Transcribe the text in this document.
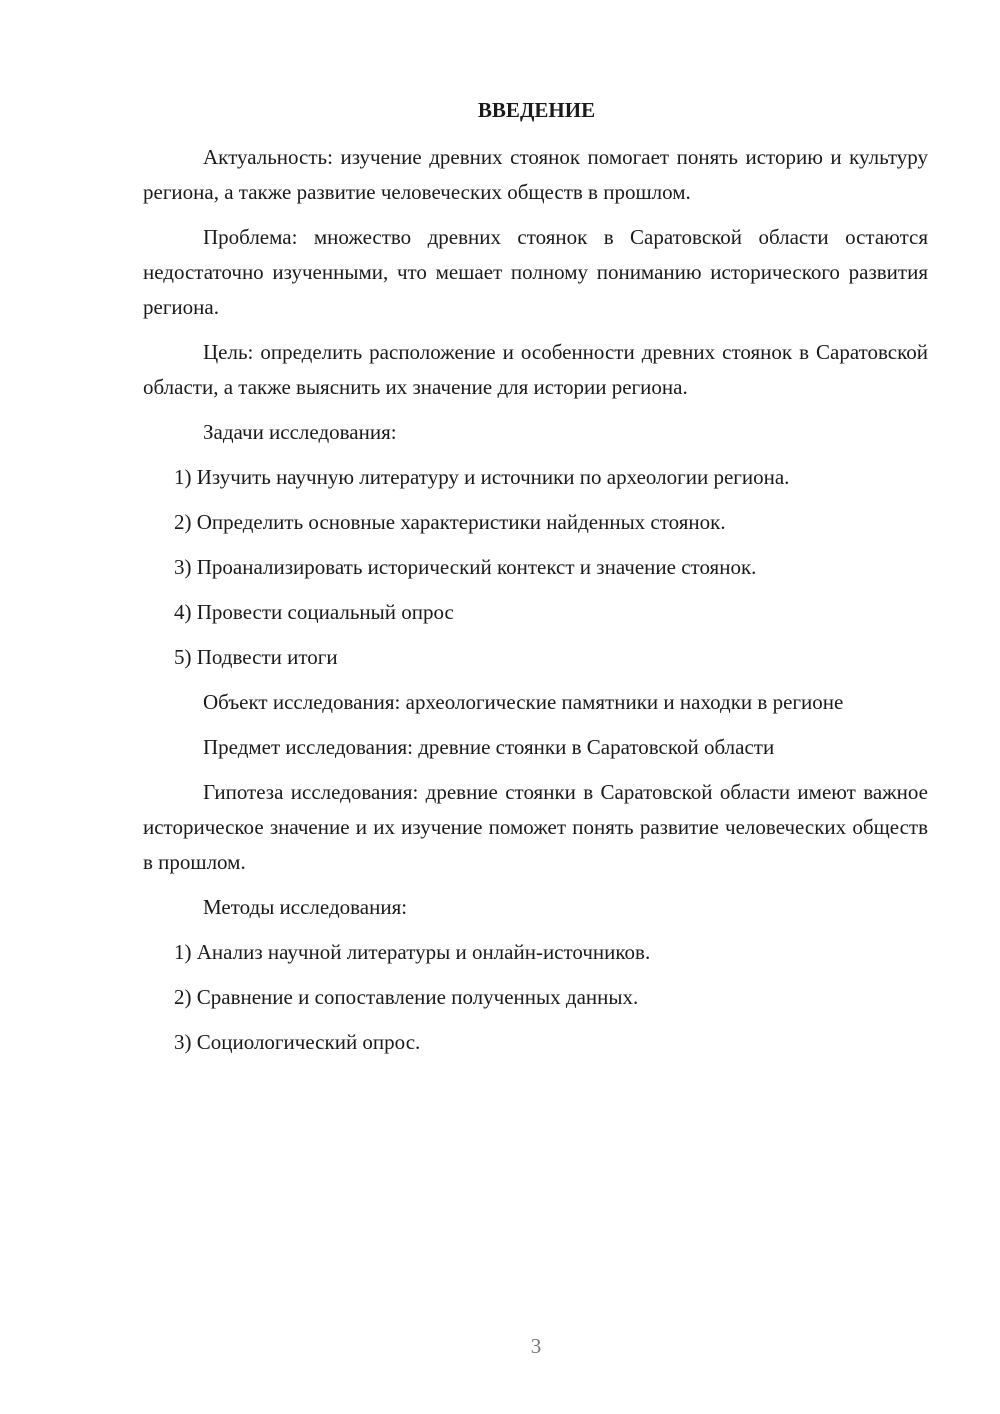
ВВЕДЕНИЕ

Актуальность: изучение древних стоянок помогает понять историю и культуру региона, а также развитие человеческих обществ в прошлом.

Проблема: множество древних стоянок в Саратовской области остаются недостаточно изученными, что мешает полному пониманию исторического развития региона.

Цель: определить расположение и особенности древних стоянок в Саратовской области, а также выяснить их значение для истории региона.

Задачи исследования:

1) Изучить научную литературу и источники по археологии региона.
2) Определить основные характеристики найденных стоянок.
3) Проанализировать исторический контекст и значение стоянок.
4) Провести социальный опрос
5) Подвести итоги

Объект исследования: археологические памятники и находки в регионе

Предмет исследования: древние стоянки в Саратовской области

Гипотеза исследования: древние стоянки в Саратовской области имеют важное историческое значение и их изучение поможет понять развитие человеческих обществ в прошлом.

Методы исследования:

1) Анализ научной литературы и онлайн-источников.
2) Сравнение и сопоставление полученных данных.
3) Социологический опрос.
3
